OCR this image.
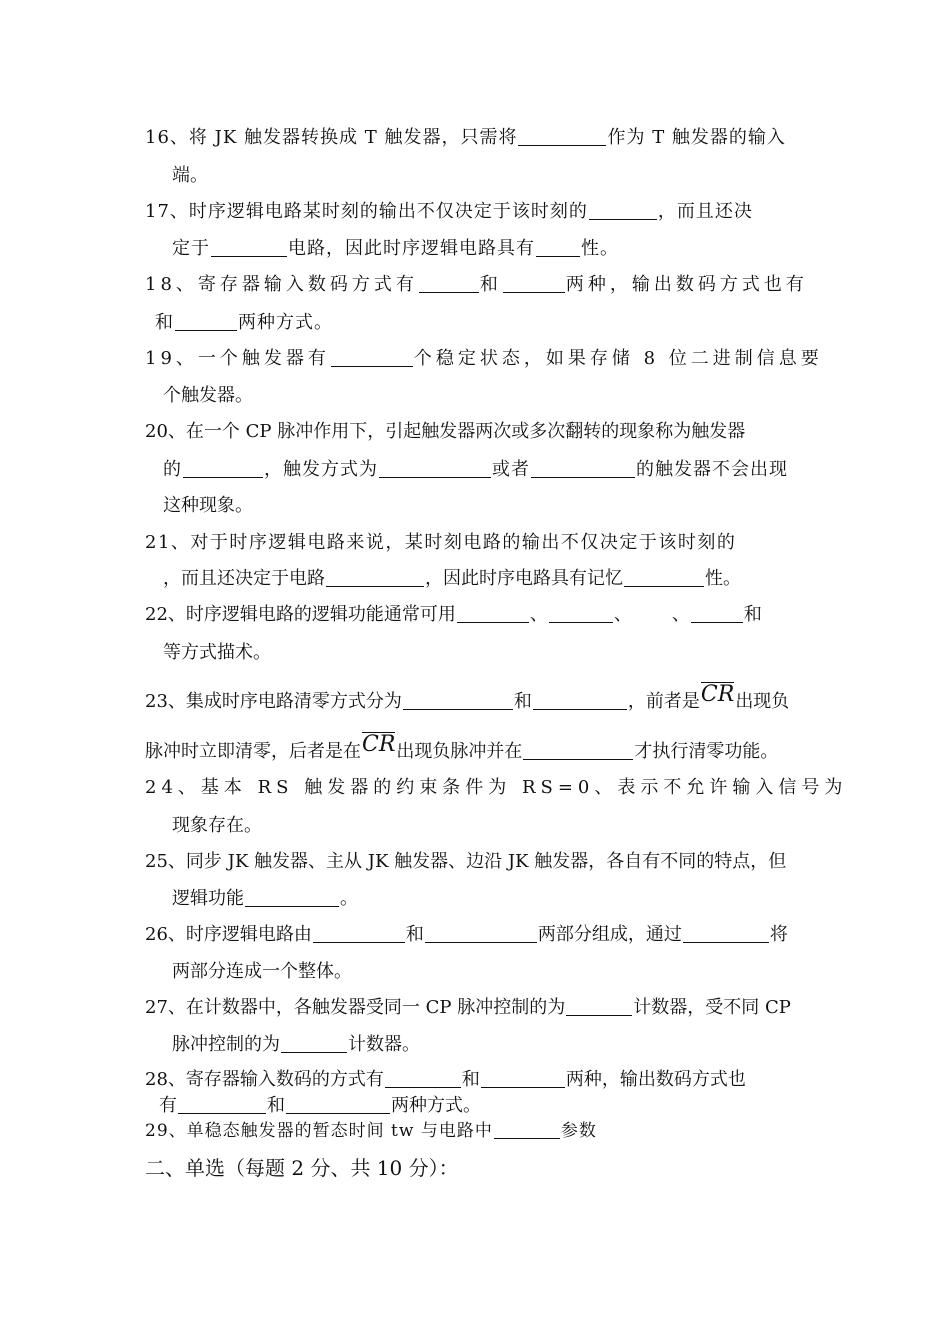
16、将 JK 触发器转换成 T 触发器，只需将	作为 T 触发器的输入
端。
17、时序逻辑电路某时刻的输出不仅决定于该时刻的	，而且还决
定于	电路，因此时序逻辑电路具有	性。
18、寄存器输入数码方式有	和	两种，输出数码方式也有
和	两种方式。
19、一个触发器有	个稳定状态，如果存储 8 位二进制信息要
个触发器。
20、在一个 CP 脉冲作用下，引起触发器两次或多次翻转的现象称为触发器
的	，触发方式为	或者	的触发器不会出现
这种现象。
21、对于时序逻辑电路来说，某时刻电路的输出不仅决定于该时刻的
，而且还决定于电路	，因此时序电路具有记忆	性。
22、时序逻辑电路的逻辑功能通常可用	、	、 、	和
等方式描术。
23、集成时序电路清零方式分为	和	，前者是CR出现负
脉冲时立即清零，后者是在CR出现负脉冲并在	才执行清零功能。
24、基本 RS 触发器的约束条件为 RS=0、表示不允许输入信号为
现象存在。
25、同步 JK 触发器、主从 JK 触发器、边沿 JK 触发器，各自有不同的特点，但
逻辑功能	。
26、时序逻辑电路由	和	两部分组成，通过	将
两部分连成一个整体。
27、在计数器中，各触发器受同一 CP 脉冲控制的为	计数器，受不同 CP
脉冲控制的为	计数器。
28、寄存器输入数码的方式有	和	两种，输出数码方式也
有	和	两种方式。
29、单稳态触发器的暂态时间 tw 与电路中	参数
二、单选（每题 2 分、共 10 分）：
